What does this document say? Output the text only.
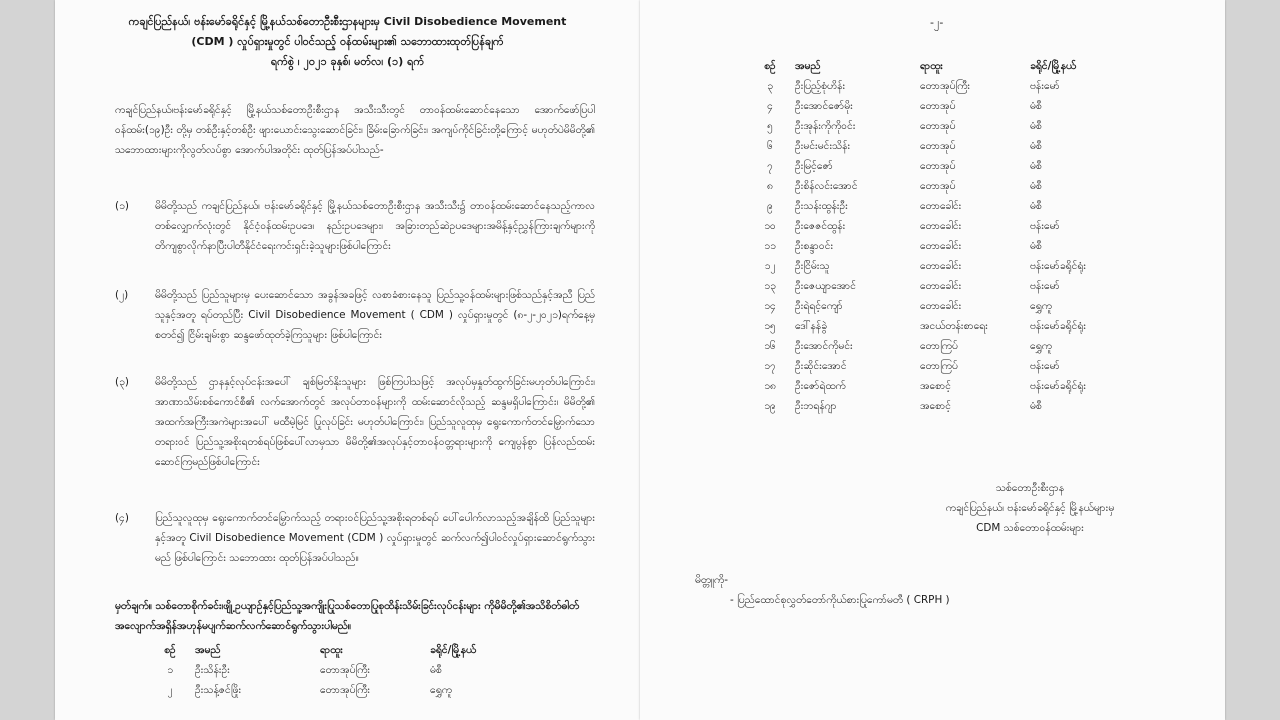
ကချင်ပြည်နယ်၊ ဗန်းမော်ခရိုင်နှင့် မြို့နယ်သစ်တောဦးစီးဌာနများမှ Civil Disobedience Movement
(CDM ) လှုပ်ရှားမှုတွင် ပါဝင်သည့် ဝန်ထမ်းများ၏ သဘောထားထုတ်ပြန်ချက်
ရက်စွဲ ၊ ၂၀၂၁ ခုနှစ်၊ မတ်လ၊ (၁) ရက်
ကချင်ပြည်နယ်၊ဗန်းမော်ခရိုင်နှင့် မြို့နယ်သစ်တောဦးစီးဌာန အသီးသီးတွင် တာဝန်ထမ်းဆောင်နေသော အောက်ဖော်ပြပါ ဝန်ထမ်း(၁၉)ဦး တို့မှ တစ်ဦးနှင့်တစ်ဦး ဖျားယောင်းသွေးဆောင်ခြင်း၊ ခြိမ်းခြောက်ခြင်း၊ အကျပ်ကိုင်ခြင်းတို့ကြောင့် မဟုတ်ပဲမိမိတို့၏ သဘောထားများကိုလွတ်လပ်စွာ အောက်ပါအတိုင်း ထုတ်ပြန်အပ်ပါသည်-
(၁)	မိမိတို့သည် ကချင်ပြည်နယ်၊ ဗန်းမော်ခရိုင်နှင့် မြို့နယ်သစ်တောဦးစီးဌာန အသီးသီး၌ တာဝန်ထမ်းဆောင်နေသည့်ကာလတစ်လျှောက်လုံးတွင် နိုင်ငံ့ဝန်ထမ်းဥပဒေ၊ နည်းဥပဒေများ၊ အခြားတည်ဆဲဥပဒေများအမိန့်နှင့်ညွှန်ကြားချက်များကိုတိကျစွာလိုက်နာပြီးပါတီနိုင်ငံရေးကင်းရှင်းခဲ့သူများဖြစ်ပါကြောင်း
(၂)	မိမိတို့သည် ပြည်သူများမှ ပေးဆောင်သော အခွန်အခဖြင့် လစာခံစားနေသူ ပြည်သူ့ဝန်ထမ်းများဖြစ်သည်နှင့်အညီ ပြည်သူနှင့်အတူ ရပ်တည်ပြီး Civil Disobedience Movement ( CDM ) လှုပ်ရှားမှုတွင် (၈-၂-၂၀၂၁)ရက်နေ့မှ စတင်၍ ငြိမ်းချမ်းစွာ ဆန္ဒဖော်ထုတ်ခဲ့ကြသူများ ဖြစ်ပါကြောင်း
(၃)	မိမိတို့သည် ဌာနနှင့်လုပ်ငန်းအပေါ် ချစ်မြတ်နိုးသူများ ဖြစ်ကြပါသဖြင့် အလုပ်မှနှုတ်ထွက်ခြင်းမဟုတ်ပါကြောင်း၊ အာဏာသိမ်းစစ်ကောင်စီ၏ လက်အောက်တွင် အလုပ်တာဝန်များကို ထမ်းဆောင်လိုသည့် ဆန္ဒမရှိပါကြောင်း၊ မိမိတို့၏ အထက်အကြီးအကဲများအပေါ် မထီမဲ့မြင် ပြုလုပ်ခြင်း မဟုတ်ပါကြောင်း၊ ပြည်သူလူထုမှ ရွေးကောက်တင်မြှောက်သော တရားဝင် ပြည်သူ့အစိုးရတစ်ရပ်ဖြစ်ပေါ်လာမှသာ မိမိတို့၏အလုပ်နှင့်တာဝန်ဝတ္တရားများကို ကျေပွန်စွာ ပြန်လည်ထမ်းဆောင်ကြမည်ဖြစ်ပါကြောင်း
(၄)	ပြည်သူလူထုမှ ရွေးကောက်တင်မြှောက်သည့် တရားဝင်ပြည်သူ့အစိုးရတစ်ရပ် ပေါ်ပေါက်လာသည့်အချိန်ထိ ပြည်သူများနှင့်အတူ Civil Disobedience Movement (CDM ) လှုပ်ရှားမှုတွင် ဆက်လက်၍ပါဝင်လှုပ်ရှားဆောင်ရွက်သွားမည် ဖြစ်ပါကြောင်း သဘောထား ထုတ်ပြန်အပ်ပါသည်။
မှတ်ချက်။ သစ်တောစိုက်ခင်း၊ဖျို့ဥယျာဉ်နှင့်ပြည်သူ့အကျိုးပြုသစ်တောပြုစုထိန်းသိမ်းခြင်းလုပ်ငန်းများ ကိုမိမိတို့၏အသိစိတ်ဓါတ်အလျောက်အရှိန်အဟုန်မပျက်ဆက်လက်ဆောင်ရွက်သွားပါမည်။
စဉ်	အမည်	ရာထူး	ခရိုင်/မြို့နယ်
၁	ဦးသိန်းဦး	တောအုပ်ကြီး	မံစီ
၂	ဦးသန့်ဇင်ဖြိုး	တောအုပ်ကြီး	ရွှေကူ
-၂-
စဉ်	အမည်	ရာထူး	ခရိုင်/မြို့နယ်
၃	ဦးပြည့်စုံဟိန်း	တောအုပ်ကြီး	ဗန်းမော်
၄	ဦးအောင်ဇော်မိုး	တောအုပ်	မံစီ
၅	ဦးအုန်းကိုကိုဝင်း	တောအုပ်	မံစီ
၆	ဦးမင်းမင်းသိန်း	တောအုပ်	မံစီ
၇	ဦးမြင့်ဇော်	တောအုပ်	မံစီ
၈	ဦးစိန်လင်းအောင်	တောအုပ်	မံစီ
၉	ဦးသန်းထွန်းဦး	တောခေါင်း	မံစီ
၁၀	ဦးဇေဇင်ထွန်း	တောခေါင်း	ဗန်းမော်
၁၁	ဦးစန္ဒာဝင်း	တောခေါင်း	မံစီ
၁၂	ဦးငြိမ်းသူ	တောခေါင်း	ဗန်းမော်ခရိုင်ရုံး
၁၃	ဦးဇေယျာအောင်	တောခေါင်း	ဗန်းမော်
၁၄	ဦးရဲရင့်ကျော်	တောခေါင်း	ရွှေကူ
၁၅	ဒေါ်နန်ခွဲ	အငယ်တန်းစာရေး	ဗန်းမော်ခရိုင်ရုံး
၁၆	ဦးအောင်ကိုမင်း	တောကြပ်	ရွှေကူ
၁၇	ဦးဆိုင်းအောင်	တောကြပ်	ဗန်းမော်
၁၈	ဦးဇော်ရဲထက်	အစောင့်	ဗန်းမော်ခရိုင်ရုံး
၁၉	ဦးဘရန်ဂျာ	အစောင့်	မံစီ
သစ်တောဦးစီးဌာန
ကချင်ပြည်နယ်၊ ဗန်းမော်ခရိုင်နှင့် မြို့နယ်များမှ
CDM သစ်တောဝန်ထမ်းများ
မိတ္တူကို-
- ပြည်ထောင်စုလွှတ်တော်ကိုယ်စားပြုကော်မတီ ( CRPH )
